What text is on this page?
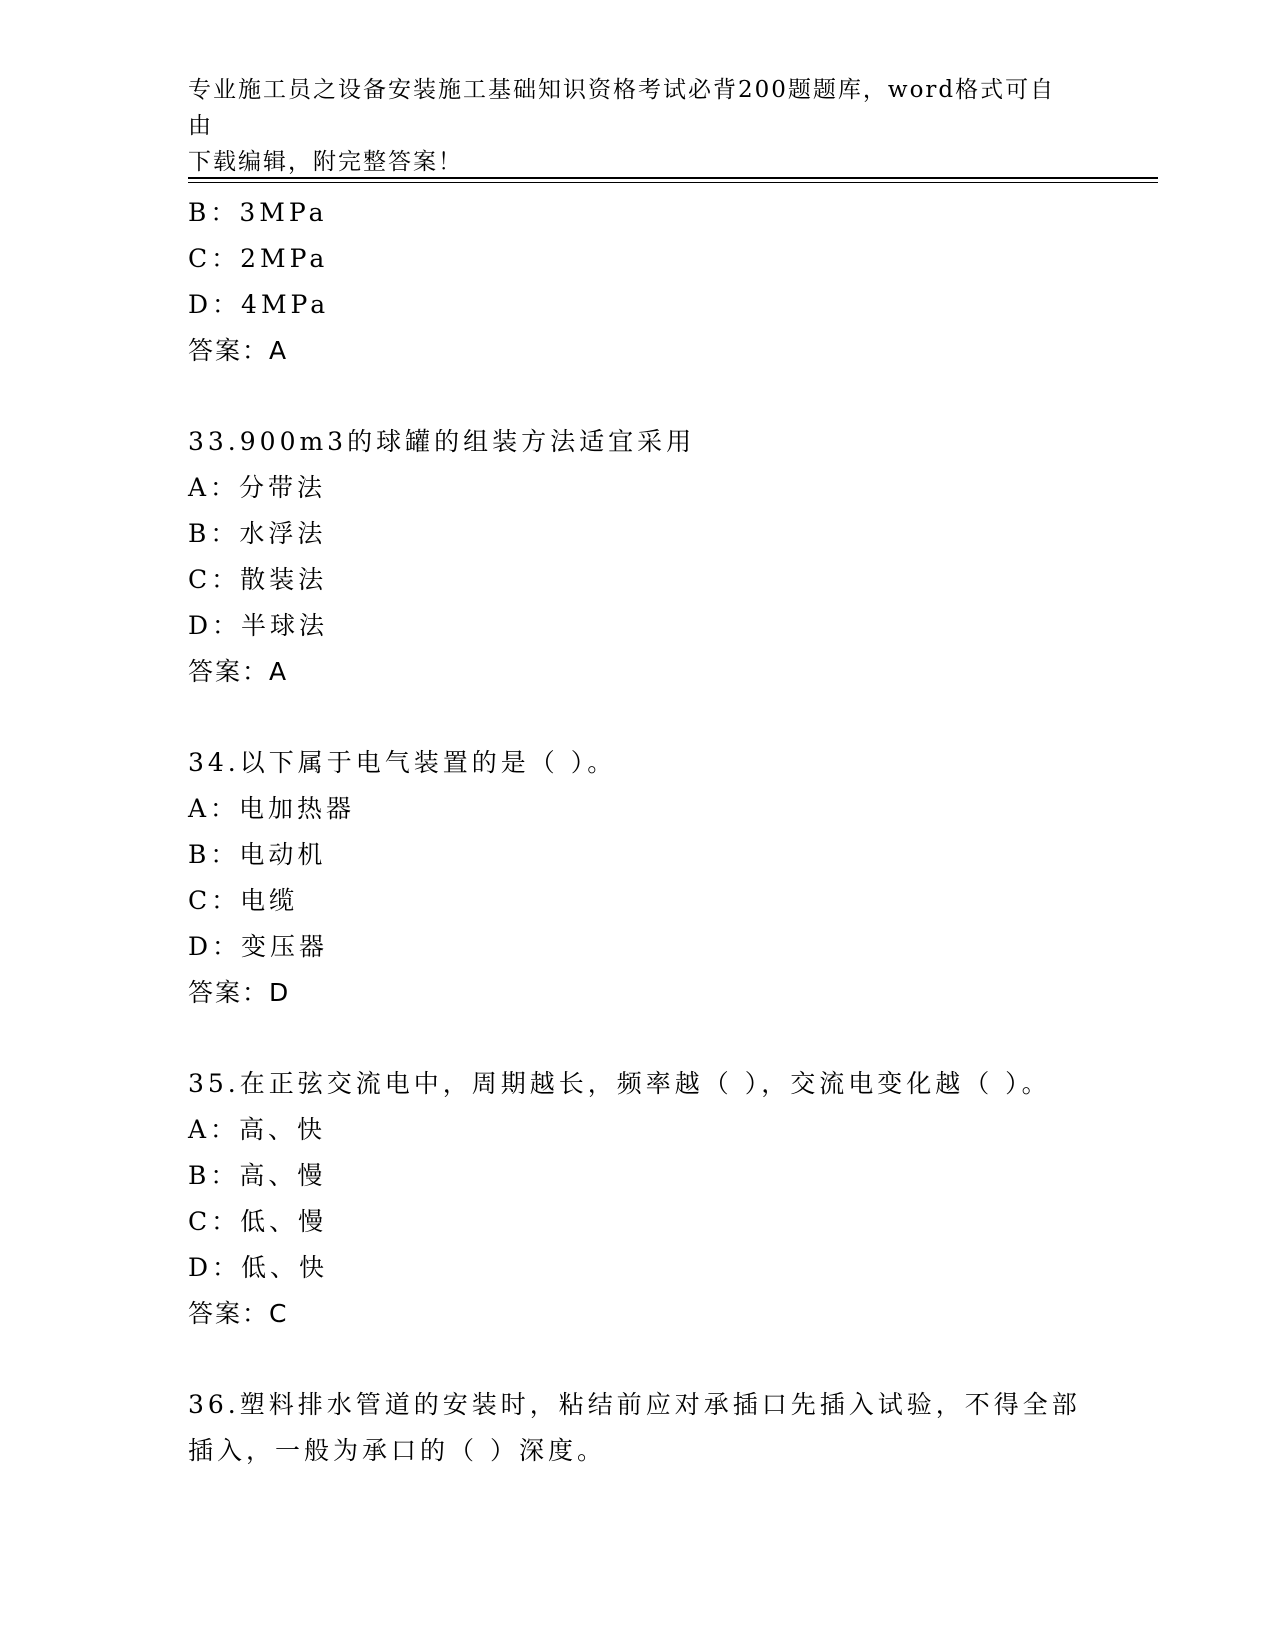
专业施工员之设备安装施工基础知识资格考试必背200题题库，word格式可自由
下载编辑，附完整答案！
B：3MPa
C：2MPa
D：4MPa
答案：A
33.900m3的球罐的组装方法适宜采用
A：分带法
B：水浮法
C：散装法
D：半球法
答案：A
34.以下属于电气装置的是（ ）。
A：电加热器
B：电动机
C：电缆
D：变压器
答案：D
35.在正弦交流电中，周期越长，频率越（ ），交流电变化越（ ）。
A：高、快
B：高、慢
C：低、慢
D：低、快
答案：C
36.塑料排水管道的安装时，粘结前应对承插口先插入试验，不得全部
插入，一般为承口的（ ）深度。
